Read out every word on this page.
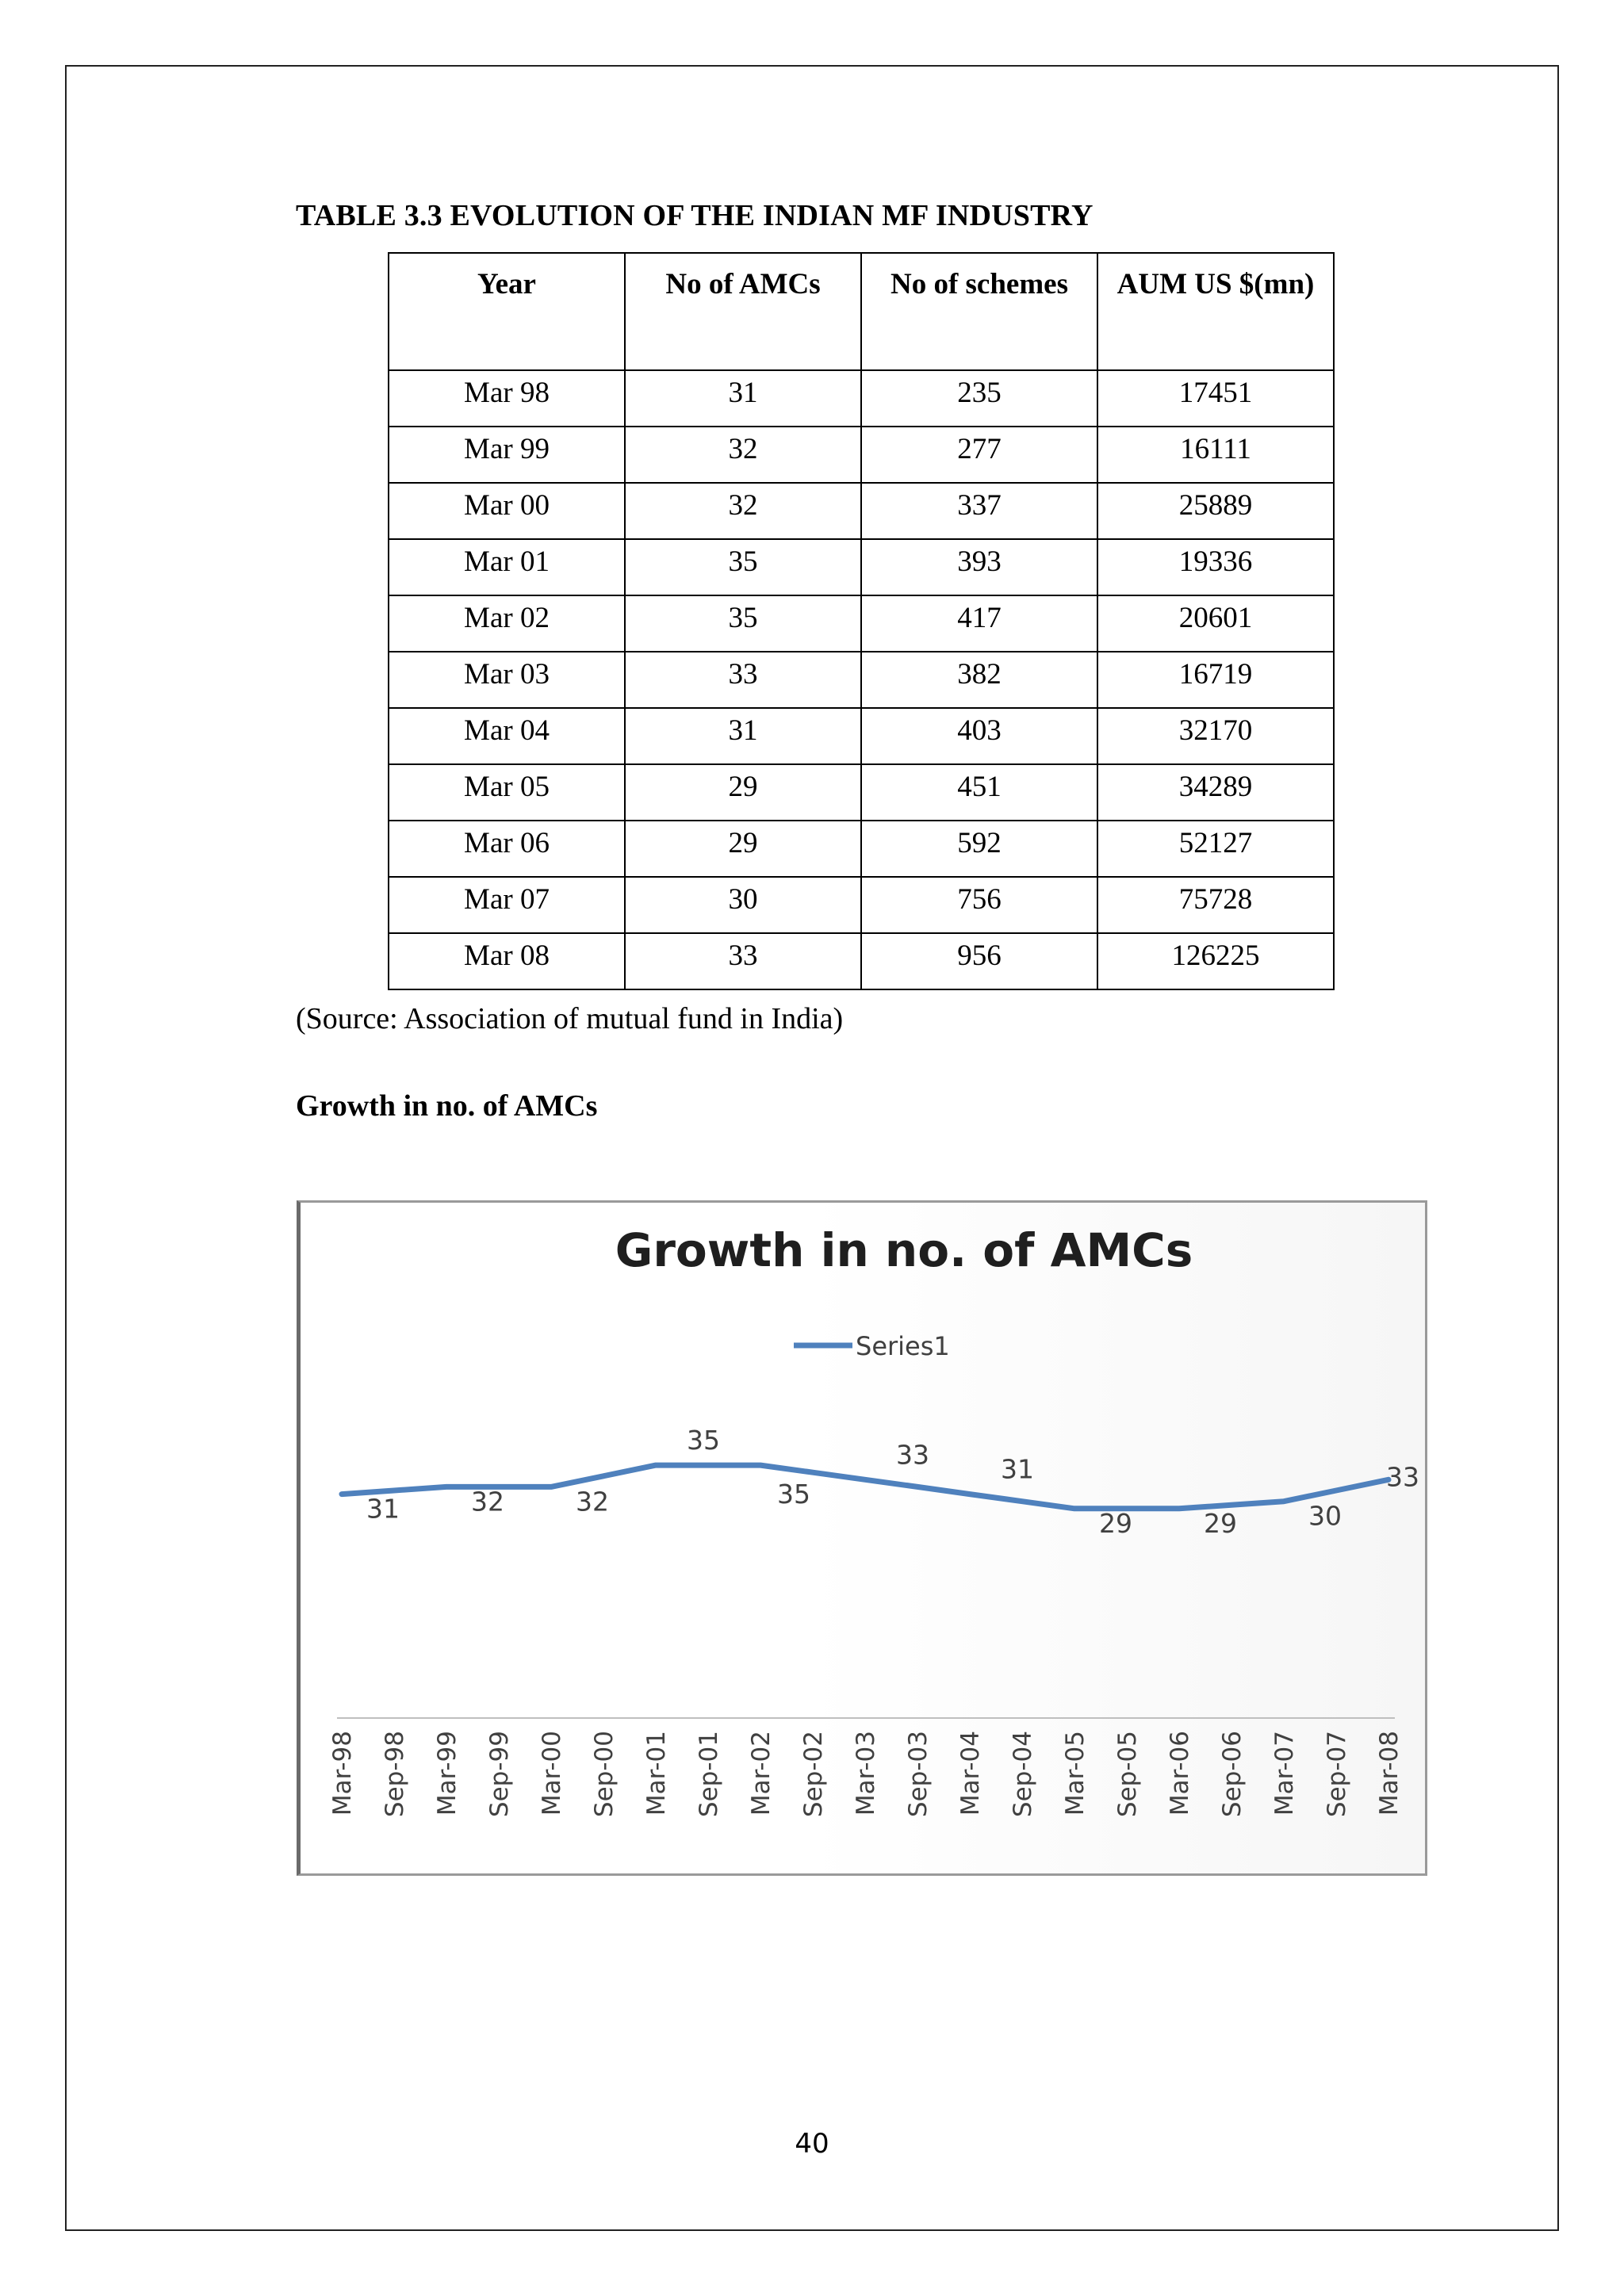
TABLE 3.3 EVOLUTION OF THE INDIAN MF INDUSTRY
Year	No of AMCs	No of schemes	AUM US $(mn)
Mar 98	31	235	17451
Mar 99	32	277	16111
Mar 00	32	337	25889
Mar 01	35	393	19336
Mar 02	35	417	20601
Mar 03	33	382	16719
Mar 04	31	403	32170
Mar 05	29	451	34289
Mar 06	29	592	52127
Mar 07	30	756	75728
Mar 08	33	956	126225
(Source: Association of mutual fund in India)
Growth in no. of AMCs
Growth in no. of AMCs
Series1
Mar-98 Sep-98 Mar-99 Sep-99 Mar-00 Sep-00 Mar-01 Sep-01 Mar-02 Sep-02 Mar-03 Sep-03 Mar-04 Sep-04 Mar-05 Sep-05 Mar-06 Sep-06 Mar-07 Sep-07 Mar-08
31	32	32
35
35
33	31
29	29	30
33
40
